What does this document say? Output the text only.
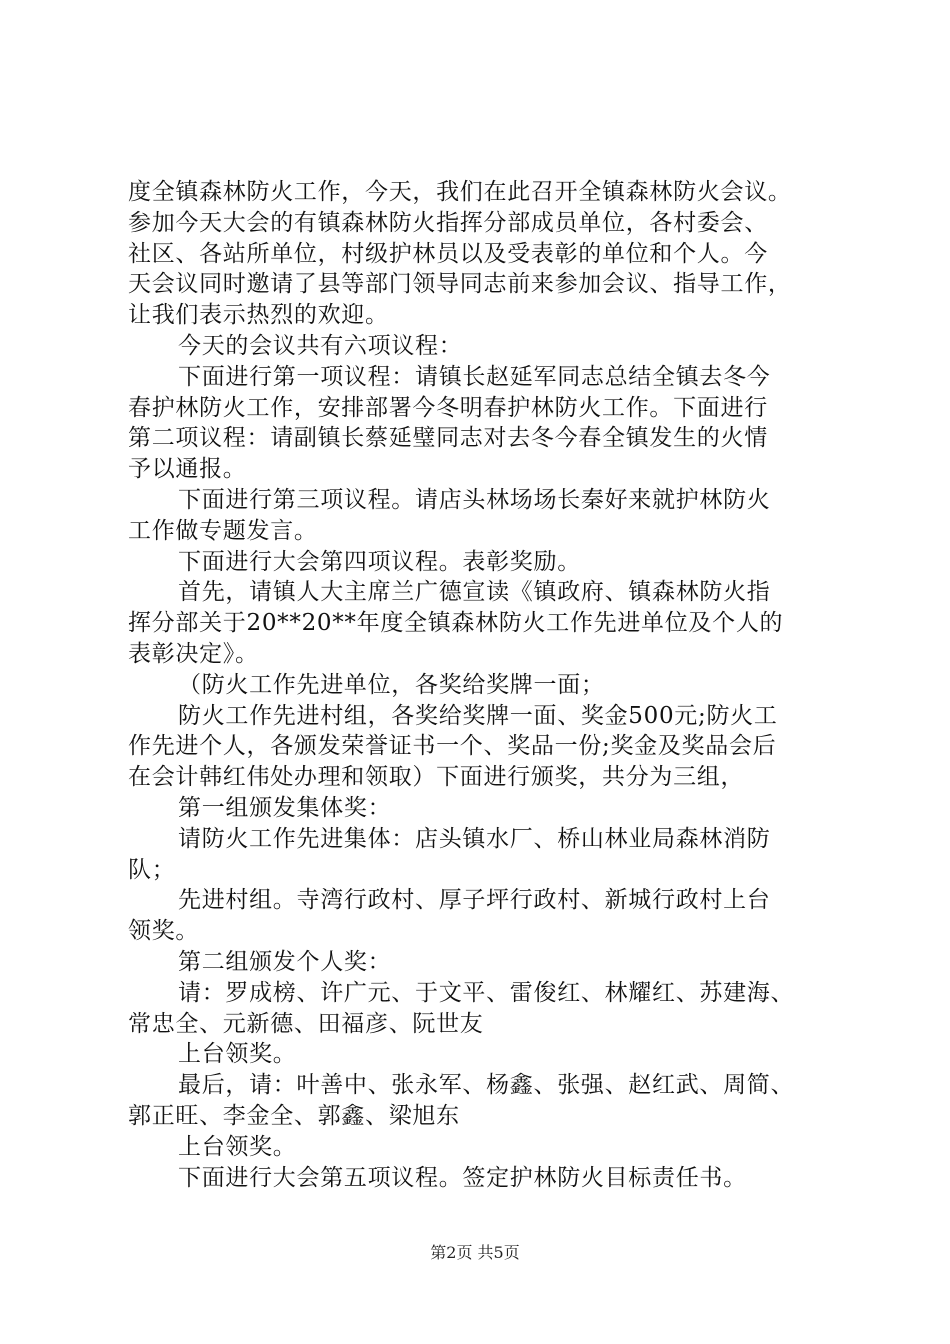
度全镇森林防火工作，今天，我们在此召开全镇森林防火会议。
参加今天大会的有镇森林防火指挥分部成员单位，各村委会、
社区、各站所单位，村级护林员以及受表彰的单位和个人。今
天会议同时邀请了县等部门领导同志前来参加会议、指导工作，
让我们表示热烈的欢迎。
今天的会议共有六项议程：
下面进行第一项议程：请镇长赵延军同志总结全镇去冬今
春护林防火工作，安排部署今冬明春护林防火工作。下面进行
第二项议程：请副镇长蔡延璧同志对去冬今春全镇发生的火情
予以通报。
下面进行第三项议程。请店头林场场长秦好来就护林防火
工作做专题发言。
下面进行大会第四项议程。表彰奖励。
首先，请镇人大主席兰广德宣读《镇政府、镇森林防火指
挥分部关于20**20**年度全镇森林防火工作先进单位及个人的
表彰决定》。
（防火工作先进单位，各奖给奖牌一面；
防火工作先进村组，各奖给奖牌一面、奖金500元;防火工
作先进个人，各颁发荣誉证书一个、奖品一份;奖金及奖品会后
在会计韩红伟处办理和领取）下面进行颁奖，共分为三组，
第一组颁发集体奖：
请防火工作先进集体：店头镇水厂、桥山林业局森林消防
队；
先进村组。寺湾行政村、厚子坪行政村、新城行政村上台
领奖。
第二组颁发个人奖：
请：罗成榜、许广元、于文平、雷俊红、林耀红、苏建海、
常忠全、元新德、田福彦、阮世友
上台领奖。
最后，请：叶善中、张永军、杨鑫、张强、赵红武、周简、
郭正旺、李金全、郭鑫、梁旭东
上台领奖。
下面进行大会第五项议程。签定护林防火目标责任书。
第2页 共5页
